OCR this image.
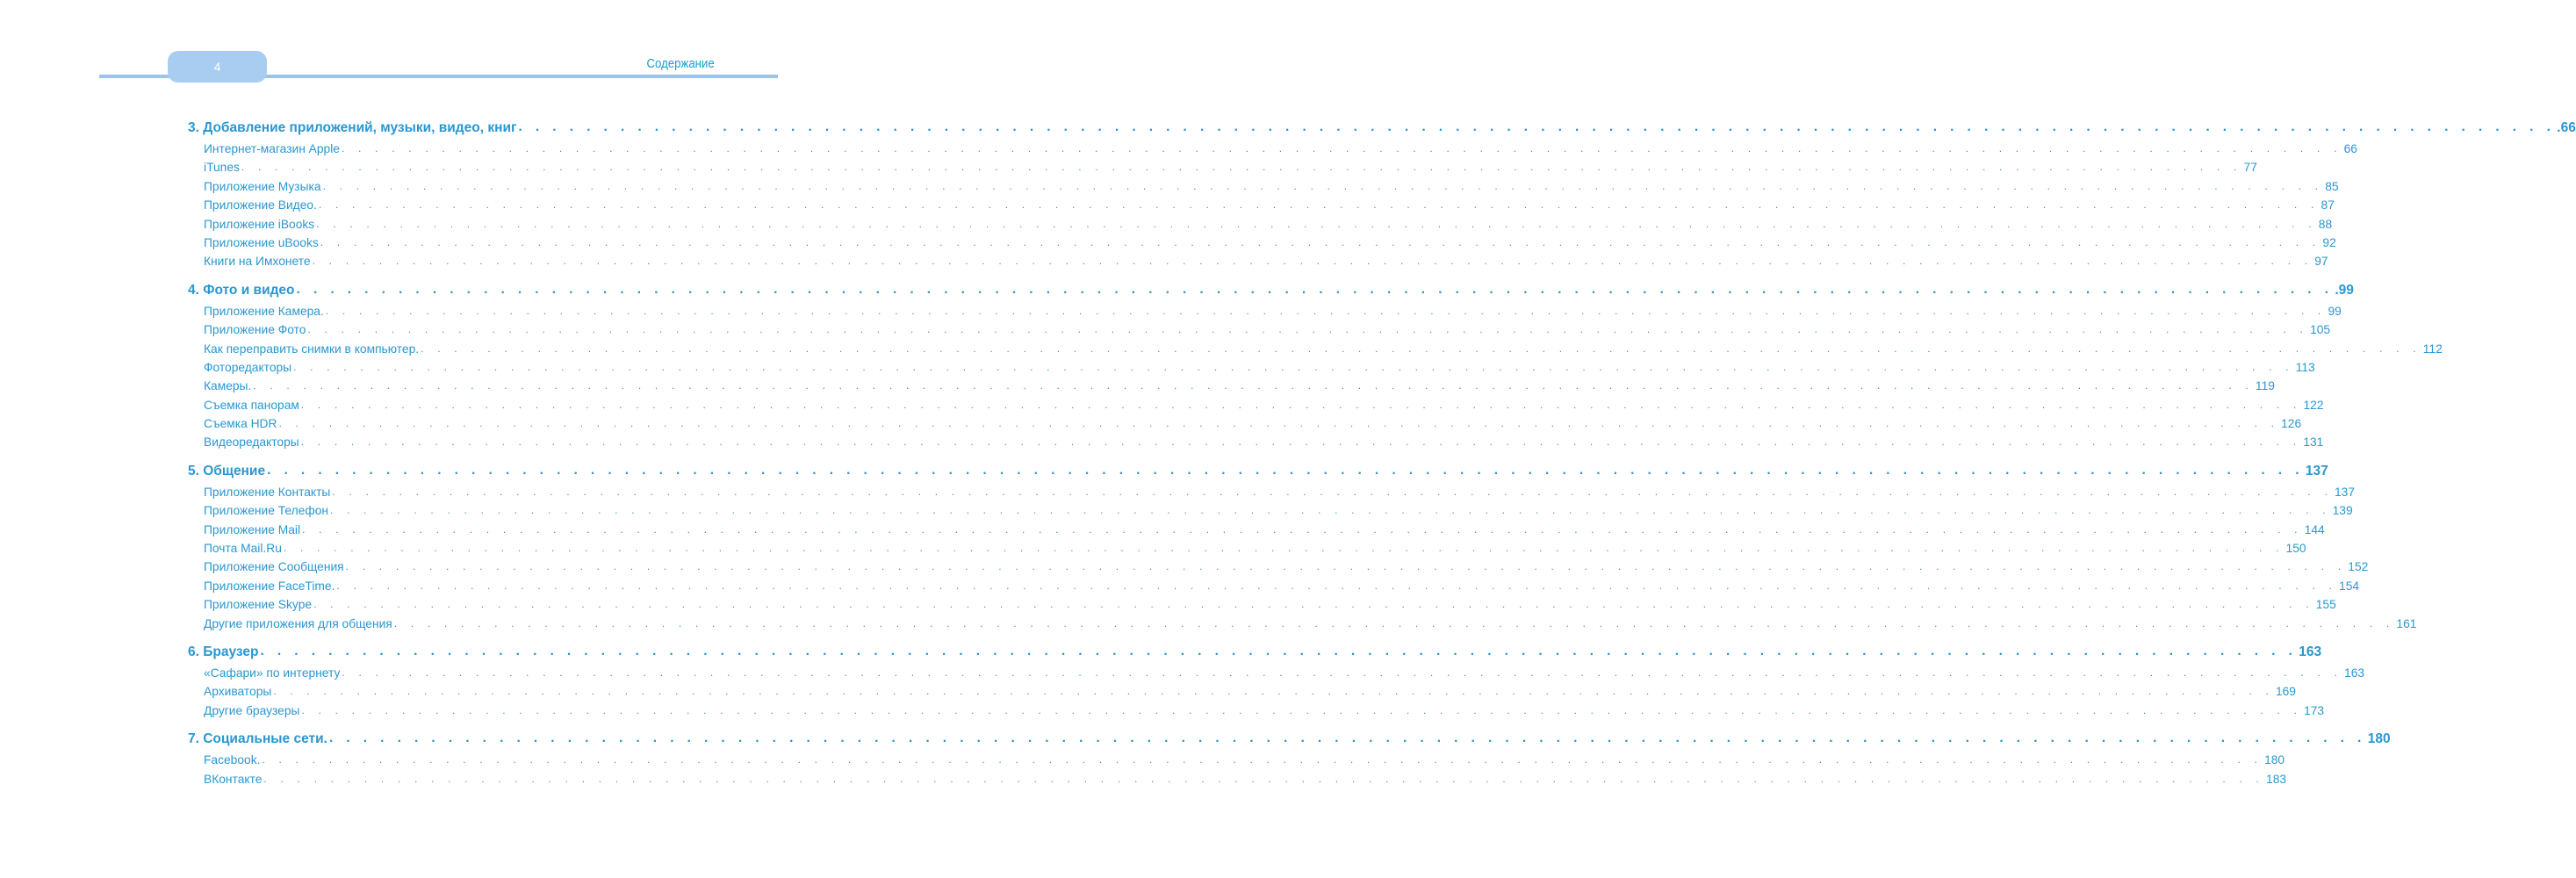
4	Содержание
3. Добавление приложений, музыки, видео, книг . . . . . . . . . . . . . . . . . . . . . . . . . . . . . . . . . . . . . . . . . . . . . . . . . . . . . . . . . . . . . . . . . . . . . . . . . . . . . . . . . . . . . . . . . . . . . . . . . . . . . . . . . . . . . . . . . . . . . . . . .66
Интернет-магазин Apple . . . . . . . . . . . . . . . . . . . . . . . . . . . . . . . . . . . . . . . . . . . . . . . . . . . . . . . . . . . . . . . . . . . . . . . . . . . . . . . . . . . . . . . . . . . . . . . . . . . . . . . . . . . . . . . . . . . . . . . . 66
iTunes . . . . . . . . . . . . . . . . . . . . . . . . . . . . . . . . . . . . . . . . . . . . . . . . . . . . . . . . . . . . . . . . . . . . . . . . . . . . . . . . . . . . . . . . . . . . . . . . . . . . . . . . . . . . . . . . . . . . . . . . 77
Приложение Музыка . . . . . . . . . . . . . . . . . . . . . . . . . . . . . . . . . . . . . . . . . . . . . . . . . . . . . . . . . . . . . . . . . . . . . . . . . . . . . . . . . . . . . . . . . . . . . . . . . . . . . . . . . . . . . . . . . . . . . . . . 85
Приложение Видео. . . . . . . . . . . . . . . . . . . . . . . . . . . . . . . . . . . . . . . . . . . . . . . . . . . . . . . . . . . . . . . . . . . . . . . . . . . . . . . . . . . . . . . . . . . . . . . . . . . . . . . . . . . . . . . . . . . . . . . . . 87
Приложение iBooks . . . . . . . . . . . . . . . . . . . . . . . . . . . . . . . . . . . . . . . . . . . . . . . . . . . . . . . . . . . . . . . . . . . . . . . . . . . . . . . . . . . . . . . . . . . . . . . . . . . . . . . . . . . . . . . . . . . . . . . . 88
Приложение uBooks . . . . . . . . . . . . . . . . . . . . . . . . . . . . . . . . . . . . . . . . . . . . . . . . . . . . . . . . . . . . . . . . . . . . . . . . . . . . . . . . . . . . . . . . . . . . . . . . . . . . . . . . . . . . . . . . . . . . . . . . 92
Книги на Имхонете . . . . . . . . . . . . . . . . . . . . . . . . . . . . . . . . . . . . . . . . . . . . . . . . . . . . . . . . . . . . . . . . . . . . . . . . . . . . . . . . . . . . . . . . . . . . . . . . . . . . . . . . . . . . . . . . . . . . . . . . 97
4. Фото и видео . . . . . . . . . . . . . . . . . . . . . . . . . . . . . . . . . . . . . . . . . . . . . . . . . . . . . . . . . . . . . . . . . . . . . . . . . . . . . . . . . . . . . . . . . . . . . . . . . . . . . . . . . . . . . . . . . . . . . . . . .99
Приложение Камера. . . . . . . . . . . . . . . . . . . . . . . . . . . . . . . . . . . . . . . . . . . . . . . . . . . . . . . . . . . . . . . . . . . . . . . . . . . . . . . . . . . . . . . . . . . . . . . . . . . . . . . . . . . . . . . . . . . . . . . . . 99
Приложение Фото . . . . . . . . . . . . . . . . . . . . . . . . . . . . . . . . . . . . . . . . . . . . . . . . . . . . . . . . . . . . . . . . . . . . . . . . . . . . . . . . . . . . . . . . . . . . . . . . . . . . . . . . . . . . . . . . . . . . . . . . 105
Как переправить снимки в компьютер. . . . . . . . . . . . . . . . . . . . . . . . . . . . . . . . . . . . . . . . . . . . . . . . . . . . . . . . . . . . . . . . . . . . . . . . . . . . . . . . . . . . . . . . . . . . . . . . . . . . . . . . . . . . . . . . . . . . . . . . . 112
Фоторедакторы . . . . . . . . . . . . . . . . . . . . . . . . . . . . . . . . . . . . . . . . . . . . . . . . . . . . . . . . . . . . . . . . . . . . . . . . . . . . . . . . . . . . . . . . . . . . . . . . . . . . . . . . . . . . . . . . . . . . . . . . 113
Камеры. . . . . . . . . . . . . . . . . . . . . . . . . . . . . . . . . . . . . . . . . . . . . . . . . . . . . . . . . . . . . . . . . . . . . . . . . . . . . . . . . . . . . . . . . . . . . . . . . . . . . . . . . . . . . . . . . . . . . . . . . 119
Съемка панорам . . . . . . . . . . . . . . . . . . . . . . . . . . . . . . . . . . . . . . . . . . . . . . . . . . . . . . . . . . . . . . . . . . . . . . . . . . . . . . . . . . . . . . . . . . . . . . . . . . . . . . . . . . . . . . . . . . . . . . . . 122
Съемка HDR . . . . . . . . . . . . . . . . . . . . . . . . . . . . . . . . . . . . . . . . . . . . . . . . . . . . . . . . . . . . . . . . . . . . . . . . . . . . . . . . . . . . . . . . . . . . . . . . . . . . . . . . . . . . . . . . . . . . . . . . 126
Видеоредакторы . . . . . . . . . . . . . . . . . . . . . . . . . . . . . . . . . . . . . . . . . . . . . . . . . . . . . . . . . . . . . . . . . . . . . . . . . . . . . . . . . . . . . . . . . . . . . . . . . . . . . . . . . . . . . . . . . . . . . . . . 131
5. Общение . . . . . . . . . . . . . . . . . . . . . . . . . . . . . . . . . . . . . . . . . . . . . . . . . . . . . . . . . . . . . . . . . . . . . . . . . . . . . . . . . . . . . . . . . . . . . . . . . . . . . . . . . . . . . . . . . . . . . . . . 137
Приложение Контакты . . . . . . . . . . . . . . . . . . . . . . . . . . . . . . . . . . . . . . . . . . . . . . . . . . . . . . . . . . . . . . . . . . . . . . . . . . . . . . . . . . . . . . . . . . . . . . . . . . . . . . . . . . . . . . . . . . . . . . . . 137
Приложение Телефон . . . . . . . . . . . . . . . . . . . . . . . . . . . . . . . . . . . . . . . . . . . . . . . . . . . . . . . . . . . . . . . . . . . . . . . . . . . . . . . . . . . . . . . . . . . . . . . . . . . . . . . . . . . . . . . . . . . . . . . . 139
Приложение Mail . . . . . . . . . . . . . . . . . . . . . . . . . . . . . . . . . . . . . . . . . . . . . . . . . . . . . . . . . . . . . . . . . . . . . . . . . . . . . . . . . . . . . . . . . . . . . . . . . . . . . . . . . . . . . . . . . . . . . . . . 144
Почта Mail.Ru . . . . . . . . . . . . . . . . . . . . . . . . . . . . . . . . . . . . . . . . . . . . . . . . . . . . . . . . . . . . . . . . . . . . . . . . . . . . . . . . . . . . . . . . . . . . . . . . . . . . . . . . . . . . . . . . . . . . . . . . 150
Приложение Сообщения . . . . . . . . . . . . . . . . . . . . . . . . . . . . . . . . . . . . . . . . . . . . . . . . . . . . . . . . . . . . . . . . . . . . . . . . . . . . . . . . . . . . . . . . . . . . . . . . . . . . . . . . . . . . . . . . . . . . . . . . 152
Приложение FaceTime. . . . . . . . . . . . . . . . . . . . . . . . . . . . . . . . . . . . . . . . . . . . . . . . . . . . . . . . . . . . . . . . . . . . . . . . . . . . . . . . . . . . . . . . . . . . . . . . . . . . . . . . . . . . . . . . . . . . . . . . . 154
Приложение Skype . . . . . . . . . . . . . . . . . . . . . . . . . . . . . . . . . . . . . . . . . . . . . . . . . . . . . . . . . . . . . . . . . . . . . . . . . . . . . . . . . . . . . . . . . . . . . . . . . . . . . . . . . . . . . . . . . . . . . . . . 155
Другие приложения для общения . . . . . . . . . . . . . . . . . . . . . . . . . . . . . . . . . . . . . . . . . . . . . . . . . . . . . . . . . . . . . . . . . . . . . . . . . . . . . . . . . . . . . . . . . . . . . . . . . . . . . . . . . . . . . . . . . . . . . . . . 161
6. Браузер . . . . . . . . . . . . . . . . . . . . . . . . . . . . . . . . . . . . . . . . . . . . . . . . . . . . . . . . . . . . . . . . . . . . . . . . . . . . . . . . . . . . . . . . . . . . . . . . . . . . . . . . . . . . . . . . . . . . . . . . 163
«Сафари» по интернету . . . . . . . . . . . . . . . . . . . . . . . . . . . . . . . . . . . . . . . . . . . . . . . . . . . . . . . . . . . . . . . . . . . . . . . . . . . . . . . . . . . . . . . . . . . . . . . . . . . . . . . . . . . . . . . . . . . . . . . . 163
Архиваторы . . . . . . . . . . . . . . . . . . . . . . . . . . . . . . . . . . . . . . . . . . . . . . . . . . . . . . . . . . . . . . . . . . . . . . . . . . . . . . . . . . . . . . . . . . . . . . . . . . . . . . . . . . . . . . . . . . . . . . . . 169
Другие браузеры . . . . . . . . . . . . . . . . . . . . . . . . . . . . . . . . . . . . . . . . . . . . . . . . . . . . . . . . . . . . . . . . . . . . . . . . . . . . . . . . . . . . . . . . . . . . . . . . . . . . . . . . . . . . . . . . . . . . . . . . 173
7. Социальные сети. . . . . . . . . . . . . . . . . . . . . . . . . . . . . . . . . . . . . . . . . . . . . . . . . . . . . . . . . . . . . . . . . . . . . . . . . . . . . . . . . . . . . . . . . . . . . . . . . . . . . . . . . . . . . . . . . . . . . . . . . 180
Facebook. . . . . . . . . . . . . . . . . . . . . . . . . . . . . . . . . . . . . . . . . . . . . . . . . . . . . . . . . . . . . . . . . . . . . . . . . . . . . . . . . . . . . . . . . . . . . . . . . . . . . . . . . . . . . . . . . . . . . . . . . 180
ВКонтакте . . . . . . . . . . . . . . . . . . . . . . . . . . . . . . . . . . . . . . . . . . . . . . . . . . . . . . . . . . . . . . . . . . . . . . . . . . . . . . . . . . . . . . . . . . . . . . . . . . . . . . . . . . . . . . . . . . . . . . . . 183
